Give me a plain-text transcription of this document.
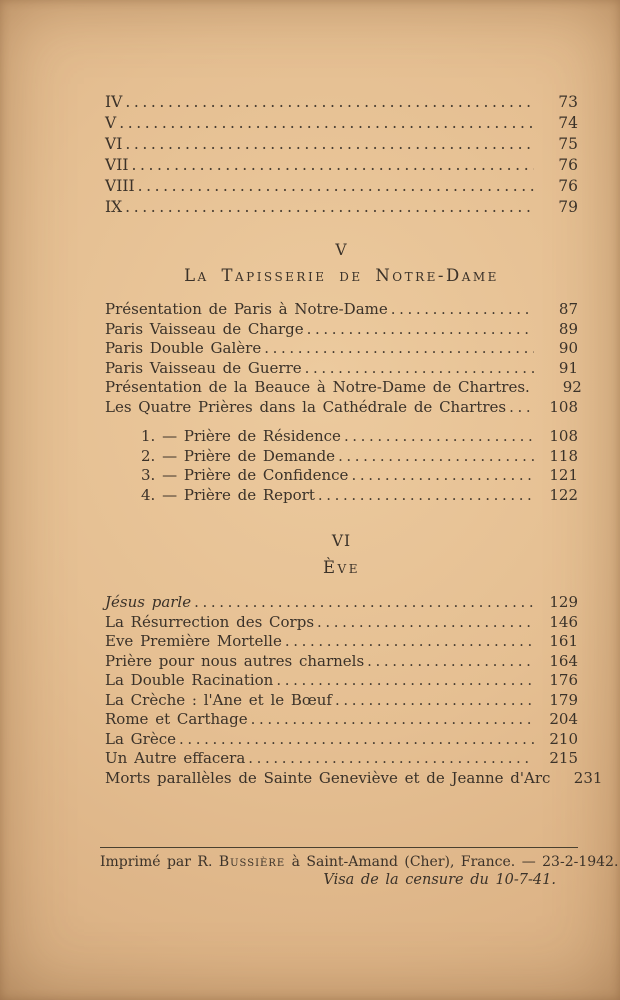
IV .....	73
V .....	74
VI .....	75
VII .....	76
VIII .....	76
IX .....	79
V
La Tapisserie de Notre-Dame
Présentation de Paris à Notre-Dame .....	87
Paris Vaisseau de Charge .....	89
Paris Double Galère .....	90
Paris Vaisseau de Guerre .....	91
Présentation de la Beauce à Notre-Dame de Chartres.	92
Les Quatre Prières dans la Cathédrale de Chartres .....	108
1. — Prière de Résidence .....	108
2. — Prière de Demande .....	118
3. — Prière de Confidence .....	121
4. — Prière de Report .....	122
VI
Ève
Jésus parle .....	129
La Résurrection des Corps .....	146
Eve Première Mortelle .....	161
Prière pour nous autres charnels .....	164
La Double Racination .....	176
La Crèche : l'Ane et le Bœuf .....	179
Rome et Carthage .....	204
La Grèce .....	210
Un Autre effacera .....	215
Morts parallèles de Sainte Geneviève et de Jeanne d'Arc	231
Imprimé par R. Bussière à Saint-Amand (Cher), France. — 23-2-1942.
Visa de la censure du 10-7-41.
